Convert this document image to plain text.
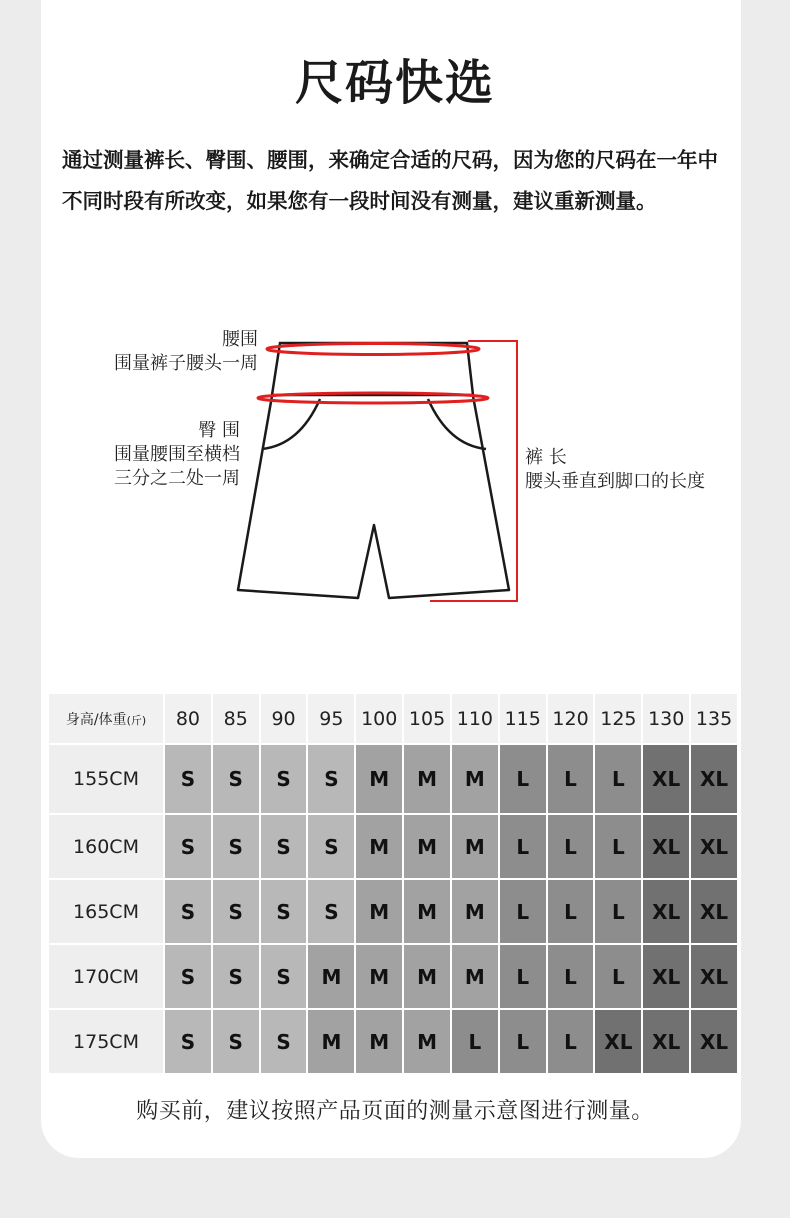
尺码快选
通过测量裤长、臀围、腰围，来确定合适的尺码，因为您的尺码在一年中不同时段有所改变，如果您有一段时间没有测量，建议重新测量。
腰围
围量裤子腰头一周
臀 围
围量腰围至横档
三分之二处一周
裤 长
腰头垂直到脚口的长度
身高/体重(斤)	80	85	90	95	100	105	110	115	120	125	130	135
155CM	S	S	S	S	M	M	M	L	L	L	XL	XL
160CM	S	S	S	S	M	M	M	L	L	L	XL	XL
165CM	S	S	S	S	M	M	M	L	L	L	XL	XL
170CM	S	S	S	M	M	M	M	L	L	L	XL	XL
175CM	S	S	S	M	M	M	L	L	L	XL	XL	XL
购买前，建议按照产品页面的测量示意图进行测量。
